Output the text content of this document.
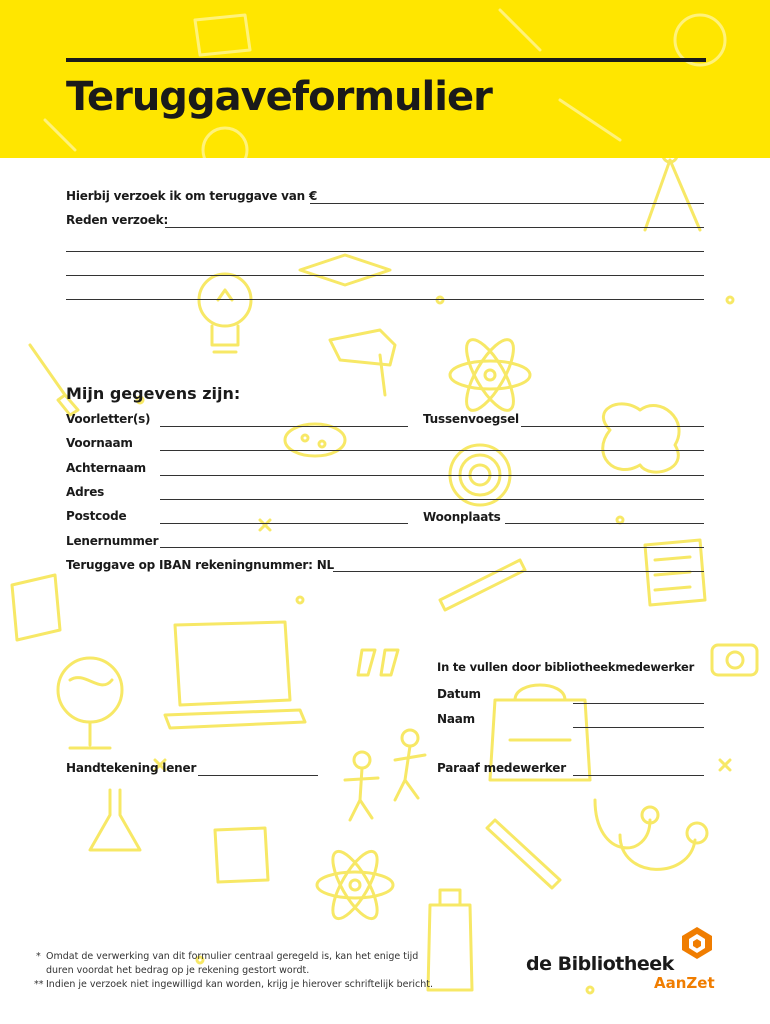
Teruggaveformulier
Hierbij verzoek ik om teruggave van €
Reden verzoek:
Mijn gegevens zijn:
Voorletter(s)	Tussenvoegsel
Voornaam
Achternaam
Adres
Postcode	Woonplaats
Lenernummer
Teruggave op IBAN rekeningnummer: NL
In te vullen door bibliotheekmedewerker
Datum
Naam
Handtekening lener	Paraaf medewerker
* Omdat de verwerking van dit formulier centraal geregeld is, kan het enige tijd
duren voordat het bedrag op je rekening gestort wordt.
** Indien je verzoek niet ingewilligd kan worden, krijg je hierover schriftelijk bericht.
de Bibliotheek
AanZet
